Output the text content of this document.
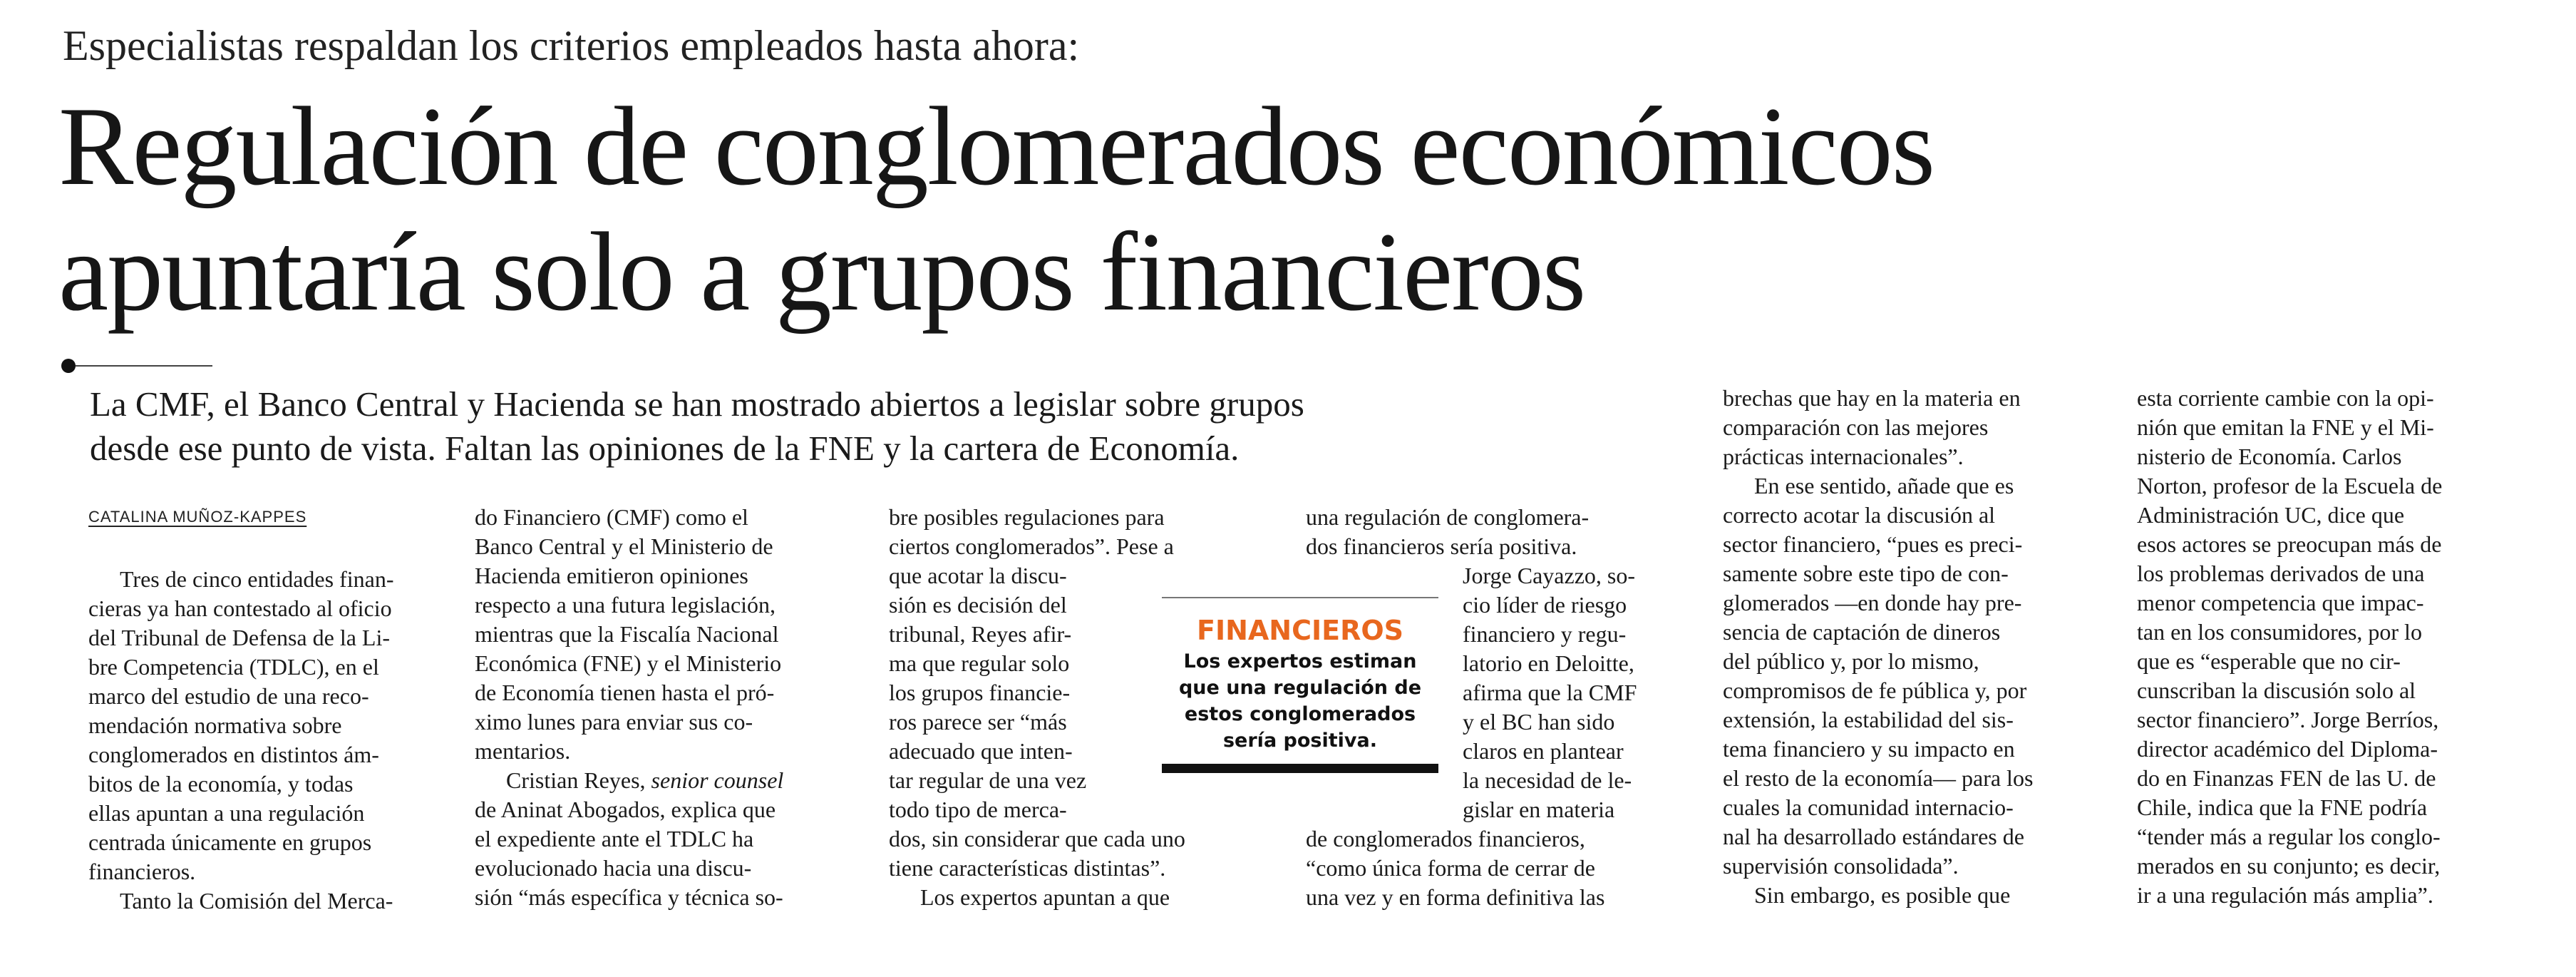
Especialistas respaldan los criterios empleados hasta ahora:
Regulación de conglomerados económicos
apuntaría solo a grupos financieros
La CMF, el Banco Central y Hacienda se han mostrado abiertos a legislar sobre grupos
desde ese punto de vista. Faltan las opiniones de la FNE y la cartera de Economía.
CATALINA MUÑOZ-KAPPES
Tres de cinco entidades finan-
cieras ya han contestado al oficio
del Tribunal de Defensa de la Li-
bre Competencia (TDLC), en el
marco del estudio de una reco-
mendación normativa sobre
conglomerados en distintos ám-
bitos de la economía, y todas
ellas apuntan a una regulación
centrada únicamente en grupos
financieros.
Tanto la Comisión del Merca-
do Financiero (CMF) como el
Banco Central y el Ministerio de
Hacienda emitieron opiniones
respecto a una futura legislación,
mientras que la Fiscalía Nacional
Económica (FNE) y el Ministerio
de Economía tienen hasta el pró-
ximo lunes para enviar sus co-
mentarios.
Cristian Reyes, senior counsel
de Aninat Abogados, explica que
el expediente ante el TDLC ha
evolucionado hacia una discu-
sión “más específica y técnica so-
bre posibles regulaciones para
ciertos conglomerados”. Pese a
que acotar la discu-
sión es decisión del
tribunal, Reyes afir-
ma que regular solo
los grupos financie-
ros parece ser “más
adecuado que inten-
tar regular de una vez
todo tipo de merca-
dos, sin considerar que cada uno
tiene características distintas”.
Los expertos apuntan a que
una regulación de conglomera-
dos financieros sería positiva.
Jorge Cayazzo, so-
cio líder de riesgo
financiero y regu-
latorio en Deloitte,
afirma que la CMF
y el BC han sido
claros en plantear
la necesidad de le-
gislar en materia
de conglomerados financieros,
“como única forma de cerrar de
una vez y en forma definitiva las
FINANCIEROS
Los expertos estiman
que una regulación de
estos conglomerados
sería positiva.
brechas que hay en la materia en
comparación con las mejores
prácticas internacionales”.
En ese sentido, añade que es
correcto acotar la discusión al
sector financiero, “pues es preci-
samente sobre este tipo de con-
glomerados —en donde hay pre-
sencia de captación de dineros
del público y, por lo mismo,
compromisos de fe pública y, por
extensión, la estabilidad del sis-
tema financiero y su impacto en
el resto de la economía— para los
cuales la comunidad internacio-
nal ha desarrollado estándares de
supervisión consolidada”.
Sin embargo, es posible que
esta corriente cambie con la opi-
nión que emitan la FNE y el Mi-
nisterio de Economía. Carlos
Norton, profesor de la Escuela de
Administración UC, dice que
esos actores se preocupan más de
los problemas derivados de una
menor competencia que impac-
tan en los consumidores, por lo
que es “esperable que no cir-
cunscriban la discusión solo al
sector financiero”. Jorge Berríos,
director académico del Diploma-
do en Finanzas FEN de las U. de
Chile, indica que la FNE podría
“tender más a regular los conglo-
merados en su conjunto; es decir,
ir a una regulación más amplia”.
